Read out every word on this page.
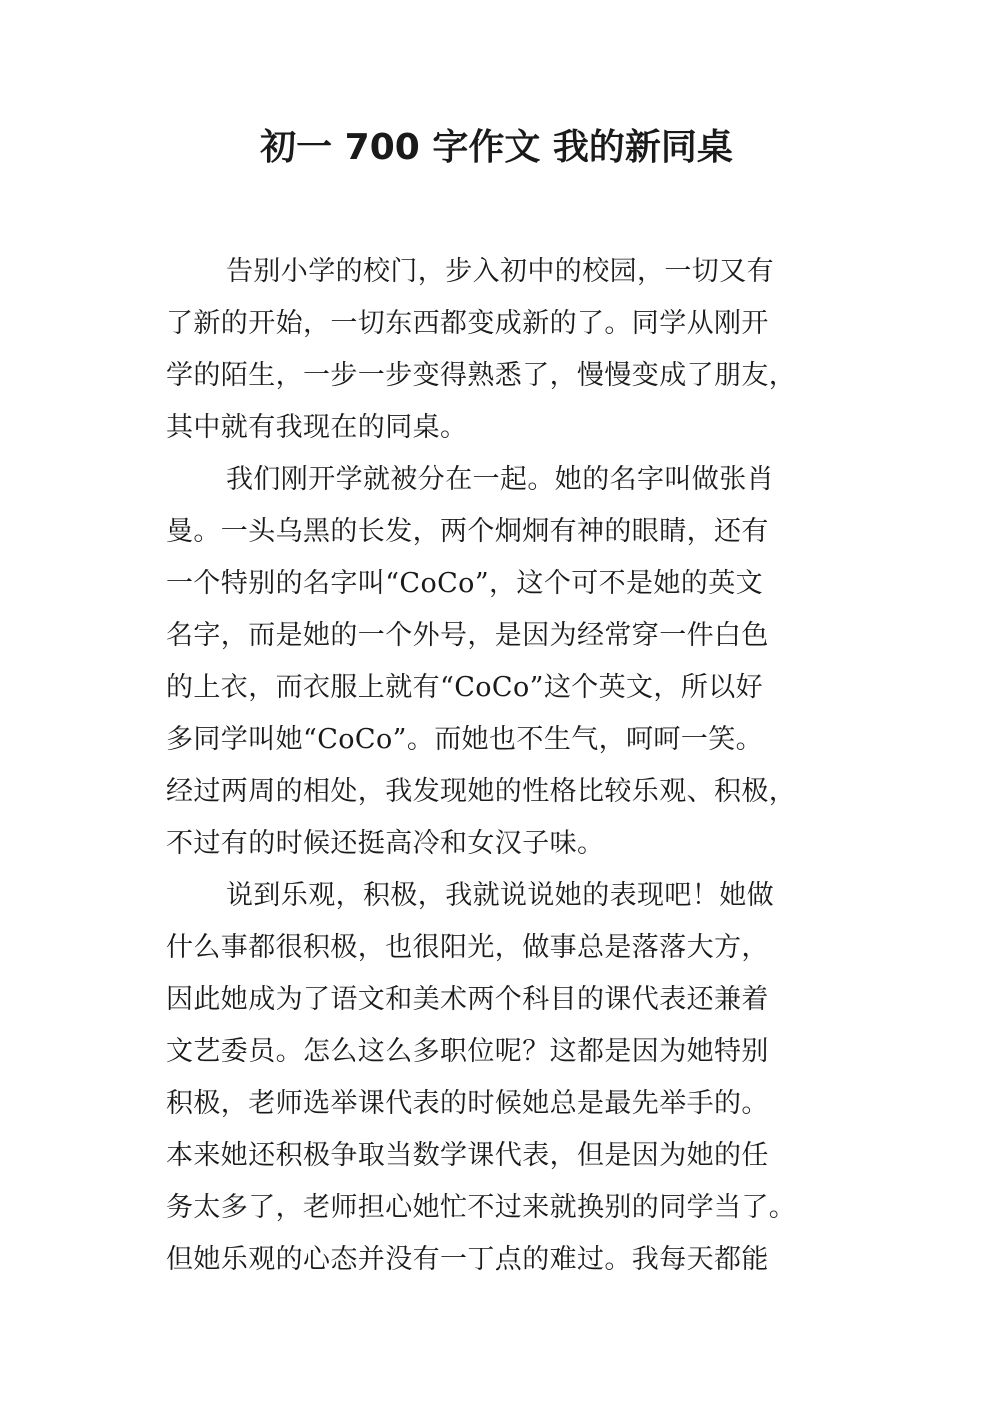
初一 700 字作文 我的新同桌
告别小学的校门，步入初中的校园，一切又有
了新的开始，一切东西都变成新的了。同学从刚开
学的陌生，一步一步变得熟悉了，慢慢变成了朋友，
其中就有我现在的同桌。
我们刚开学就被分在一起。她的名字叫做张肖
曼。一头乌黑的长发，两个炯炯有神的眼睛，还有
一个特别的名字叫“CoCo”，这个可不是她的英文
名字，而是她的一个外号，是因为经常穿一件白色
的上衣，而衣服上就有“CoCo”这个英文，所以好
多同学叫她“CoCo”。而她也不生气，呵呵一笑。
经过两周的相处，我发现她的性格比较乐观、积极，
不过有的时候还挺高冷和女汉子味。
说到乐观，积极，我就说说她的表现吧！她做
什么事都很积极，也很阳光，做事总是落落大方，
因此她成为了语文和美术两个科目的课代表还兼着
文艺委员。怎么这么多职位呢？这都是因为她特别
积极，老师选举课代表的时候她总是最先举手的。
本来她还积极争取当数学课代表，但是因为她的任
务太多了，老师担心她忙不过来就换别的同学当了。
但她乐观的心态并没有一丁点的难过。我每天都能
